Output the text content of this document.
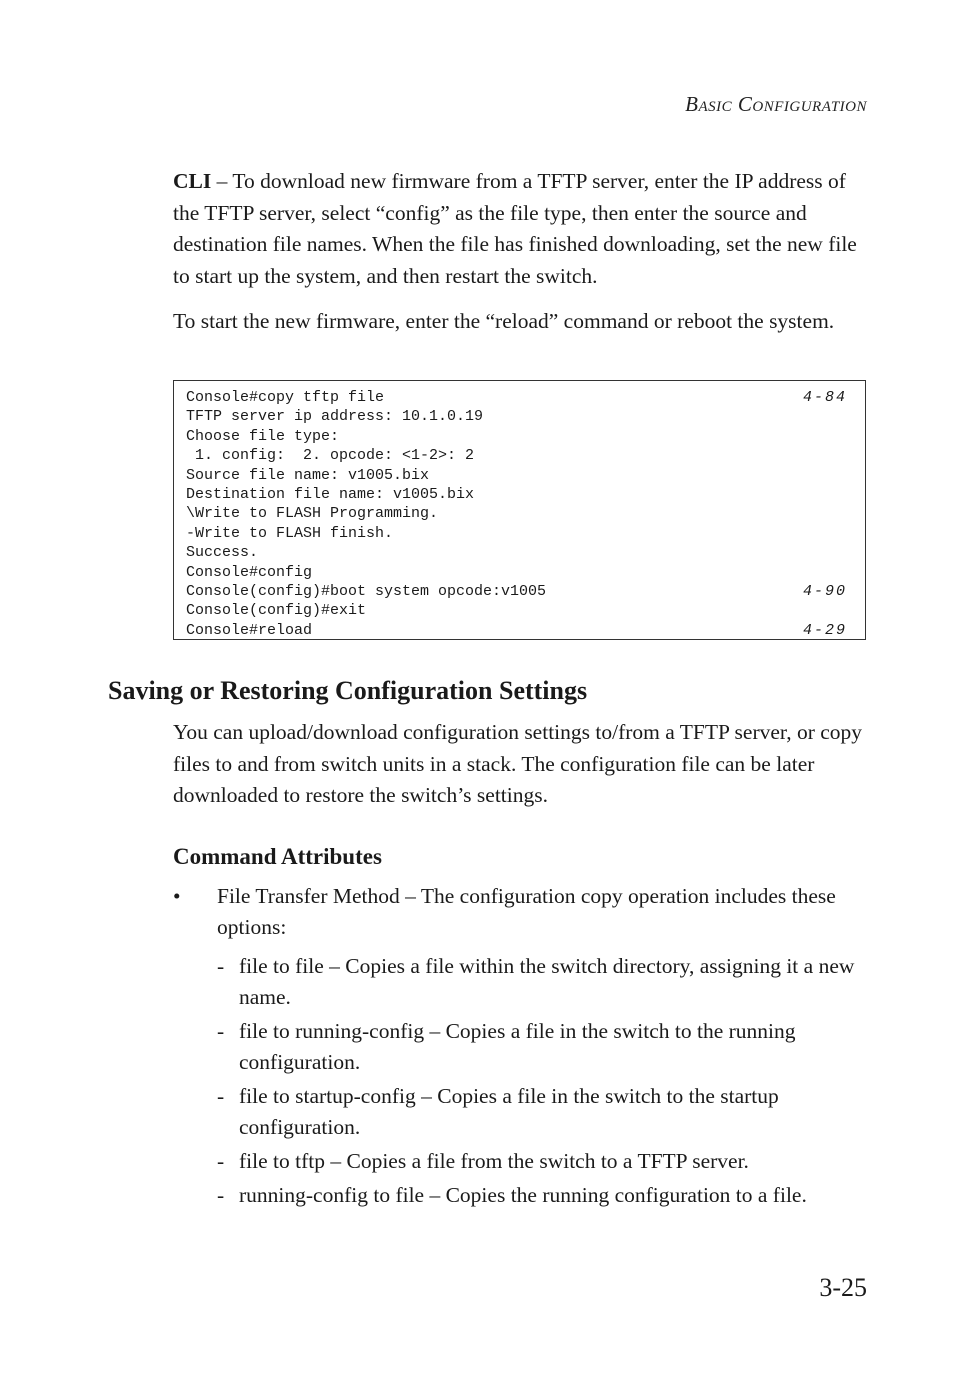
Basic Configuration

CLI – To download new firmware from a TFTP server, enter the IP address of the TFTP server, select “config” as the file type, then enter the source and destination file names. When the file has finished downloading, set the new file to start up the system, and then restart the switch.

To start the new firmware, enter the “reload” command or reboot the system.

Console#copy tftp file	4-84
TFTP server ip address: 10.1.0.19
Choose file type:
1. config:  2. opcode: <1-2>: 2
Source file name: v1005.bix
Destination file name: v1005.bix
\Write to FLASH Programming.
-Write to FLASH finish.
Success.
Console#config
Console(config)#boot system opcode:v1005	4-90
Console(config)#exit
Console#reload	4-29
Saving or Restoring Configuration Settings

You can upload/download configuration settings to/from a TFTP server, or copy files to and from switch units in a stack. The configuration file can be later downloaded to restore the switch’s settings.

Command Attributes
• File Transfer Method – The configuration copy operation includes these options:
- file to file – Copies a file within the switch directory, assigning it a new name.
- file to running-config – Copies a file in the switch to the running configuration.
- file to startup-config – Copies a file in the switch to the startup configuration.
- file to tftp – Copies a file from the switch to a TFTP server.
- running-config to file – Copies the running configuration to a file.
3-25
